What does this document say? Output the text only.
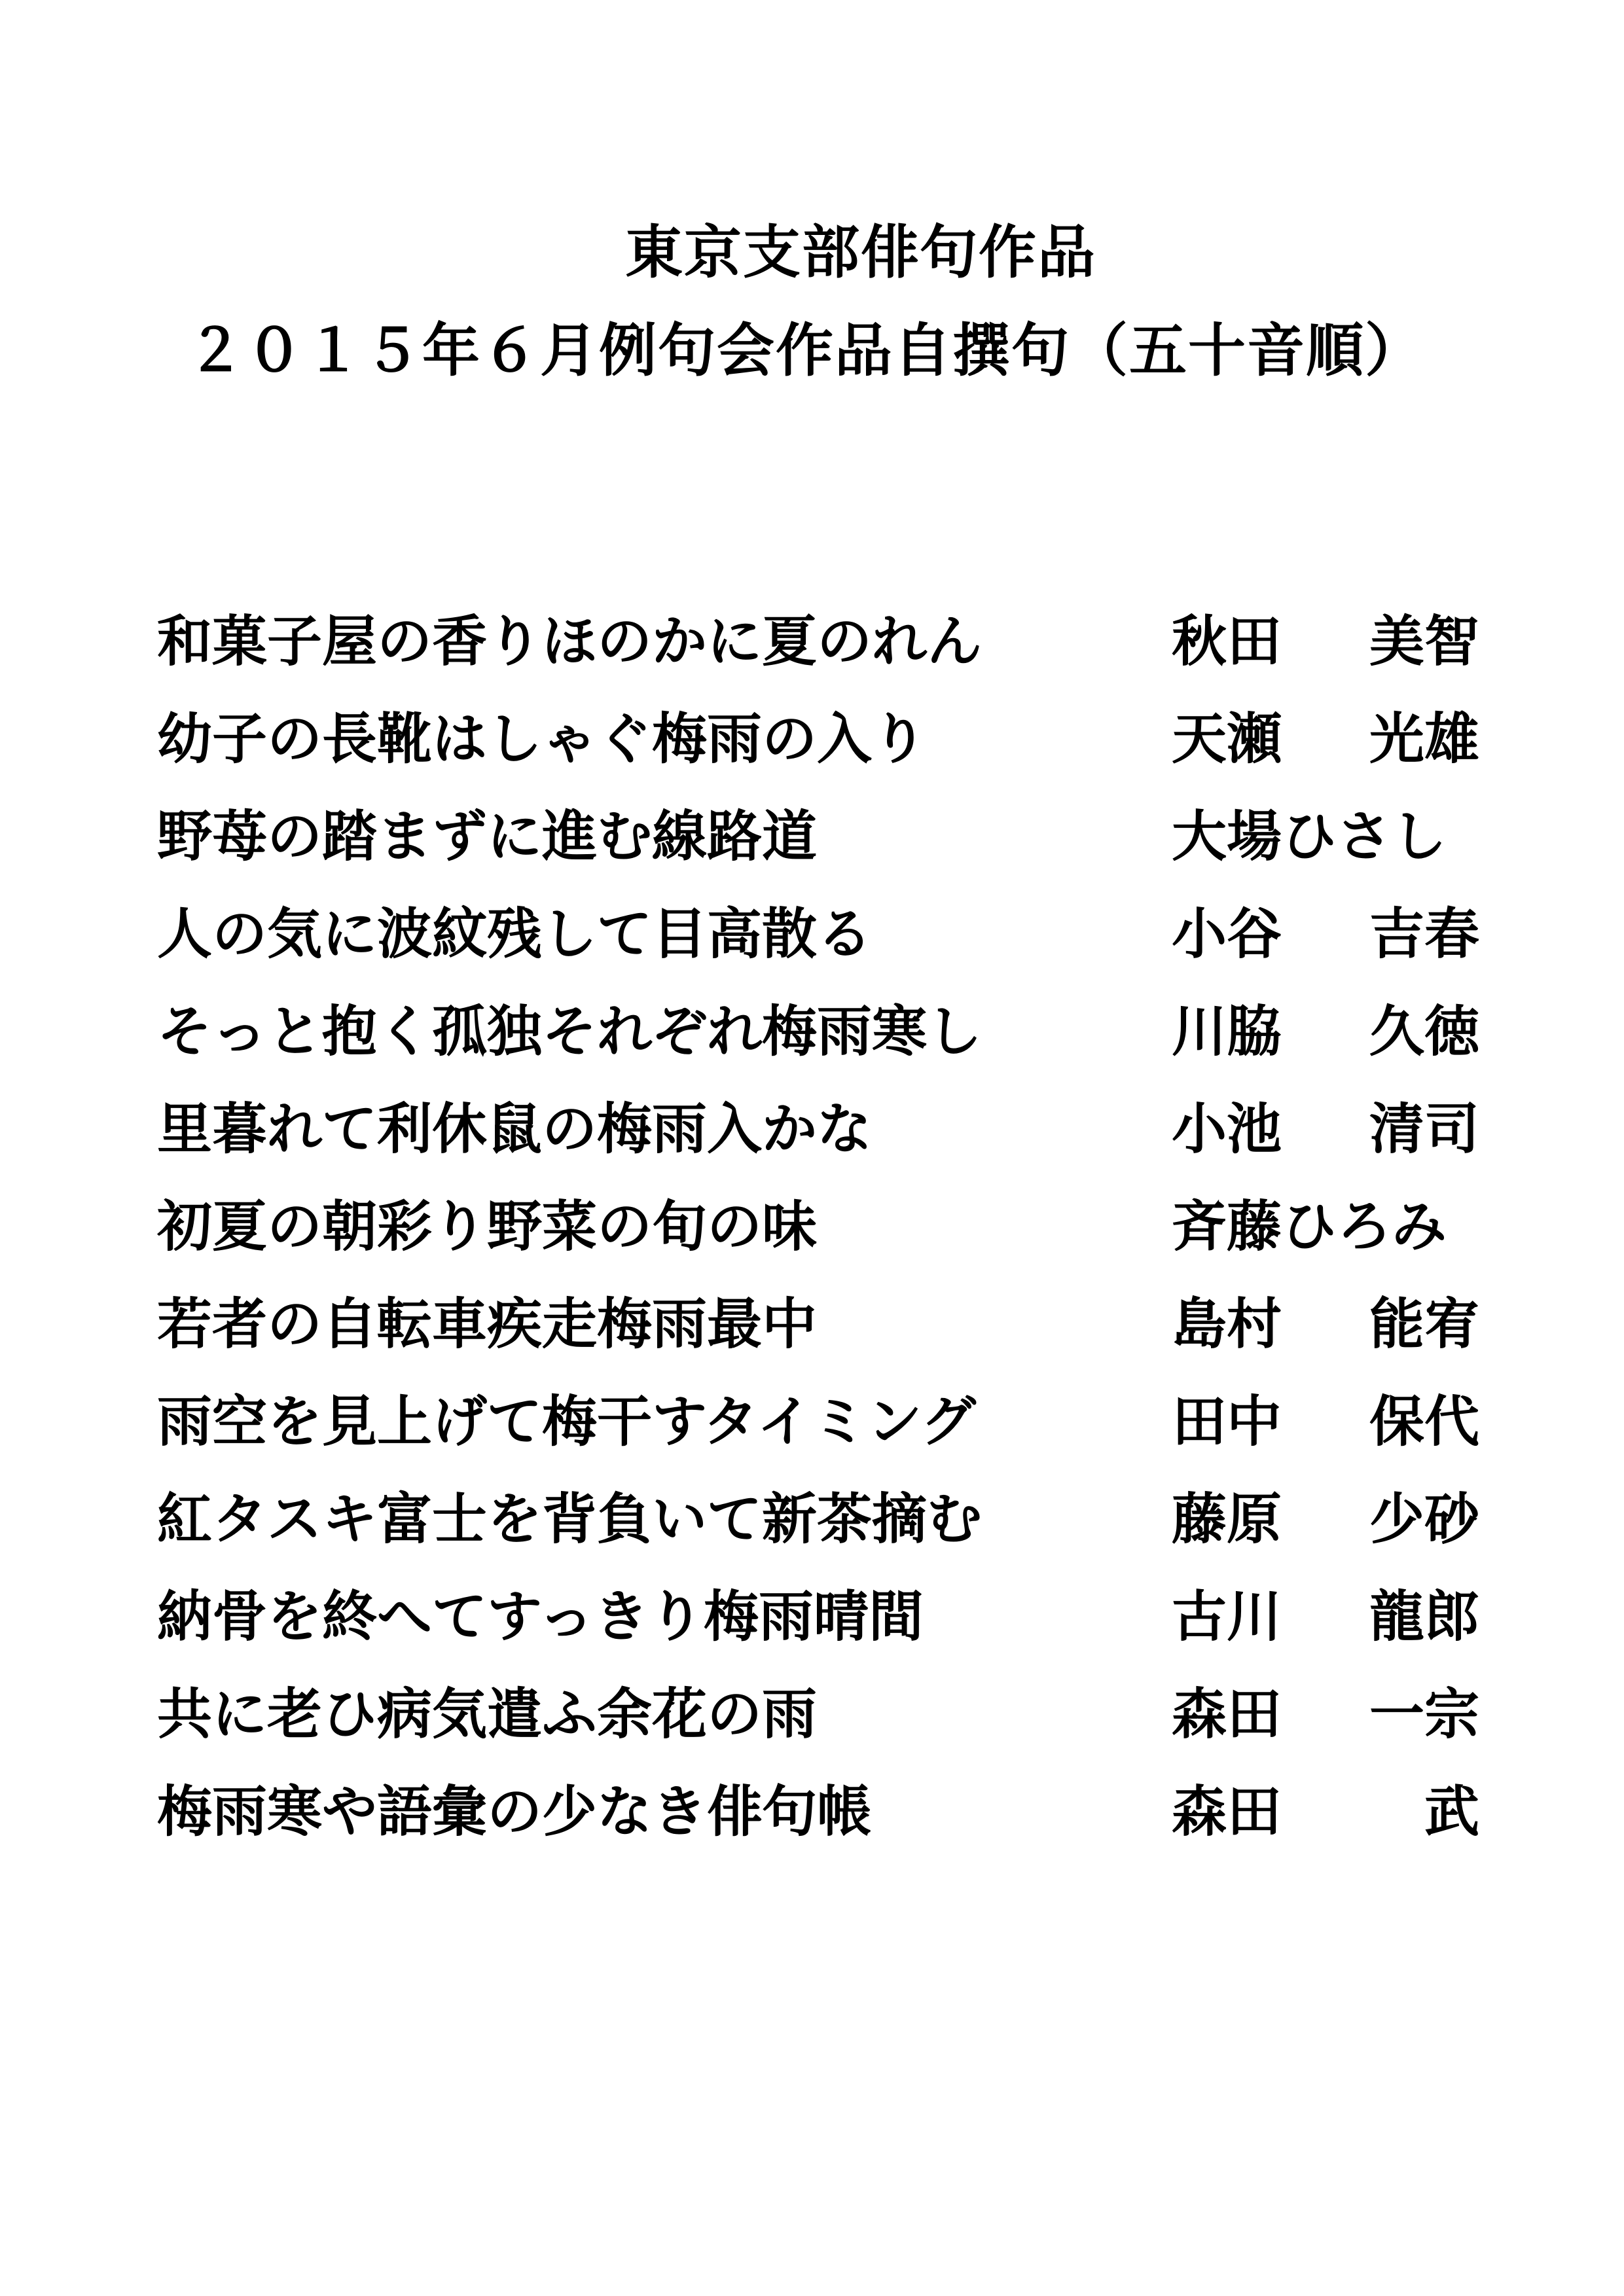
東京支部俳句作品
２０１５年６月例句会作品自撰句（五十音順）
和菓子屋の香りほのかに夏のれん	秋田 美智
幼子の長靴はしゃぐ梅雨の入り	天瀬 光雄
野苺の踏まずに進む線路道	大場ひさし
人の気に波紋残して目高散る	小谷 吉春
そっと抱く孤独それぞれ梅雨寒し	川脇 久徳
里暮れて利休鼠の梅雨入かな	小池 清司
初夏の朝彩り野菜の旬の味	斉藤ひろみ
若者の自転車疾走梅雨最中	島村 能宥
雨空を見上げて梅干すタイミング	田中 保代
紅タスキ富士を背負いて新茶摘む	藤原 少砂
納骨を終へてすっきり梅雨晴間	古川 龍郎
共に老ひ病気遣ふ余花の雨	森田 一宗
梅雨寒や語彙の少なき俳句帳	森田	武
